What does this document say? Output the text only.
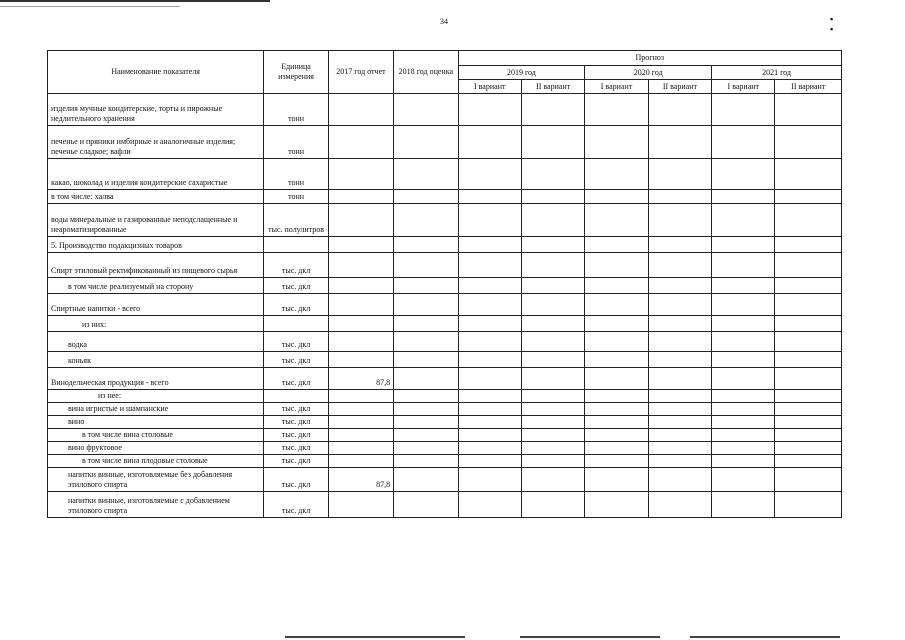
34	▪ ▪
Наименование показателя	Единица измерения	2017 год отчет	2018 год оценка	Прогноз					
				2019 год		2020 год		2021 год	
				I вариант	II вариант	I вариант	II вариант	I вариант	II вариант
изделия мучные кондитерские, торты и пирожные недлительного хранения	тонн								
печенье и пряники имбирные и аналогичные изделия; печенье сладкое; вафли	тонн								
какао, шоколад и изделия кондитерские сахаристые	тонн								
в том числе: халва	тонн								
воды минеральные и газированные неподслащенные и неароматизированные	тыс. полулитров								
5. Производство подакцизных товаров									
Спирт этиловый ректификованный из пищевого сырья	тыс. дкл								
в том числе реализуемый на сторону	тыс. дкл								
Спиртные напитки - всего	тыс. дкл								
из них:									
водка	тыс. дкл								
коньяк	тыс. дкл								
Винодельческая продукция - всего	тыс. дкл	87,8							
из нее:									
вина игристые и шампанские	тыс. дкл								
вино	тыс. дкл								
в том числе вина столовые	тыс. дкл								
вино фруктовое	тыс. дкл								
в том числе вина плодовые столовые	тыс. дкл								
напитки винные, изготовляемые без добавления этилового спирта	тыс. дкл	87,8							
напитки винные, изготовляемые с добавлением этилового спирта	тыс. дкл								
